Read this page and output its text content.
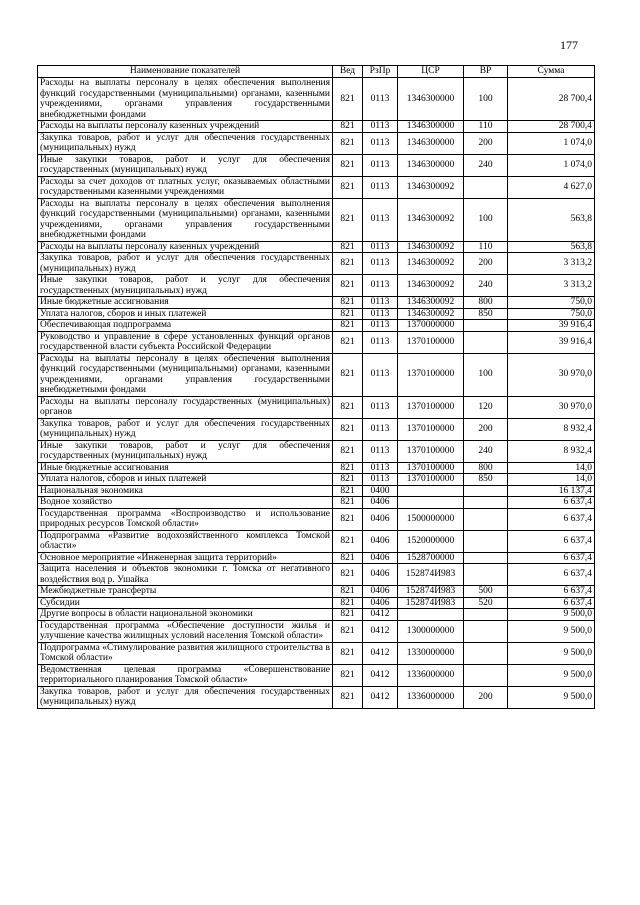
177
Наименование показателей	Вед	РзПр	ЦСР	ВР	Сумма
Расходы на выплаты персоналу в целях обеспечения выполнения функций государственными (муниципальными) органами, казенными учреждениями, органами управления государственными внебюджетными фондами	821	0113	1346300000	100	28 700,4
Расходы на выплаты персоналу казенных учреждений	821	0113	1346300000	110	28 700,4
Закупка товаров, работ и услуг для обеспечения государственных (муниципальных) нужд	821	0113	1346300000	200	1 074,0
Иные закупки товаров, работ и услуг для обеспечения государственных (муниципальных) нужд	821	0113	1346300000	240	1 074,0
Расходы за счет доходов от платных услуг, оказываемых областными государственными казенными учреждениями	821	0113	1346300092		4 627,0
Расходы на выплаты персоналу в целях обеспечения выполнения функций государственными (муниципальными) органами, казенными учреждениями, органами управления государственными внебюджетными фондами	821	0113	1346300092	100	563,8
Расходы на выплаты персоналу казенных учреждений	821	0113	1346300092	110	563,8
Закупка товаров, работ и услуг для обеспечения государственных (муниципальных) нужд	821	0113	1346300092	200	3 313,2
Иные закупки товаров, работ и услуг для обеспечения государственных (муниципальных) нужд	821	0113	1346300092	240	3 313,2
Иные бюджетные ассигнования	821	0113	1346300092	800	750,0
Уплата налогов, сборов и иных платежей	821	0113	1346300092	850	750,0
Обеспечивающая подпрограмма	821	0113	1370000000		39 916,4
Руководство и управление в сфере установленных функций органов государственной власти субъекта Российской Федерации	821	0113	1370100000		39 916,4
Расходы на выплаты персоналу в целях обеспечения выполнения функций государственными (муниципальными) органами, казенными учреждениями, органами управления государственными внебюджетными фондами	821	0113	1370100000	100	30 970,0
Расходы на выплаты персоналу государственных (муниципальных) органов	821	0113	1370100000	120	30 970,0
Закупка товаров, работ и услуг для обеспечения государственных (муниципальных) нужд	821	0113	1370100000	200	8 932,4
Иные закупки товаров, работ и услуг для обеспечения государственных (муниципальных) нужд	821	0113	1370100000	240	8 932,4
Иные бюджетные ассигнования	821	0113	1370100000	800	14,0
Уплата налогов, сборов и иных платежей	821	0113	1370100000	850	14,0
Национальная экономика	821	0400			16 137,4
Водное хозяйство	821	0406			6 637,4
Государственная программа «Воспроизводство и использование природных ресурсов Томской области»	821	0406	1500000000		6 637,4
Подпрограмма «Развитие водохозяйственного комплекса Томской области»	821	0406	1520000000		6 637,4
Основное мероприятие «Инженерная защита территорий»	821	0406	1528700000		6 637,4
Защита населения и объектов экономики г. Томска от негативного воздействия вод р. Ушайка	821	0406	152874И983		6 637,4
Межбюджетные трансферты	821	0406	152874И983	500	6 637,4
Субсидии	821	0406	152874И983	520	6 637,4
Другие вопросы в области национальной экономики	821	0412			9 500,0
Государственная программа «Обеспечение доступности жилья и улучшение качества жилищных условий населения Томской области»	821	0412	1300000000		9 500,0
Подпрограмма «Стимулирование развития жилищного строительства в Томской области»	821	0412	1330000000		9 500,0
Ведомственная целевая программа «Совершенствование территориального планирования Томской области»	821	0412	1336000000		9 500,0
Закупка товаров, работ и услуг для обеспечения государственных (муниципальных) нужд	821	0412	1336000000	200	9 500,0
